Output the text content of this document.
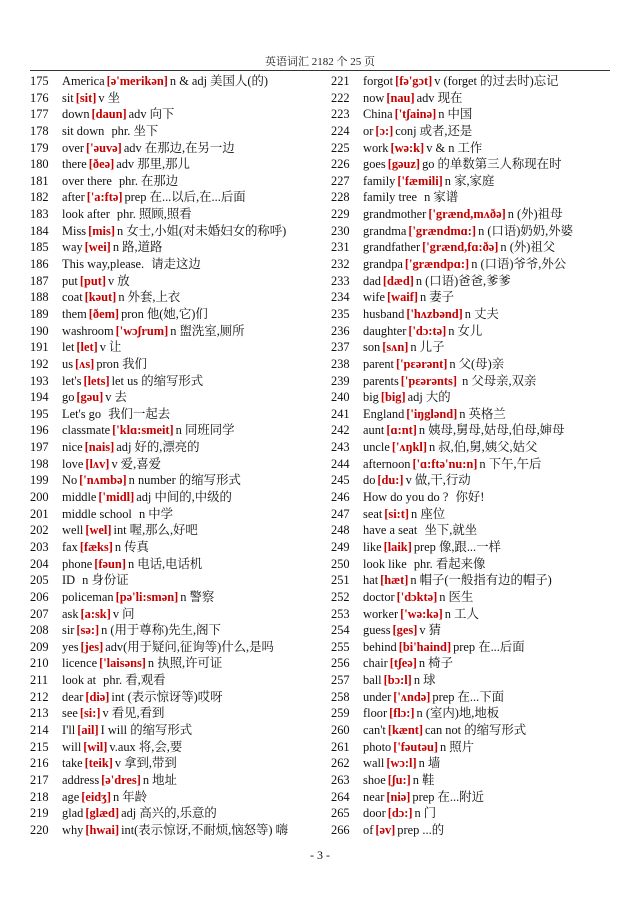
英语词汇 2182 个 25 页
175 America [ə'merikən] n & adj 美国人(的)
176 sit [sit] v 坐
177 down [daun] adv 向下
178 sit down phr. 坐下
179 over ['əuvə] adv 在那边,在另一边
180 there [ðeə] adv 那里,那儿
181 over there phr. 在那边
182 after ['a:ftə] prep 在...以后,在...后面
183 look after phr. 照顾,照看
184 Miss [mis] n 女士,小姐(对未婚妇女的称呼)
185 way [wei] n 路,道路
186 This way,please. 请走这边
187 put [put] v 放
188 coat [kəut] n 外套,上衣
189 them [ðem] pron 他(她,它)们
190 washroom ['wɔʃrum] n 盥洗室,厕所
191 let [let] v 让
192 us [ʌs] pron 我们
193 let's [lets] let us 的缩写形式
194 go [gəu] v 去
195 Let's go 我们一起去
196 classmate ['klɑ:smeit] n 同班同学
197 nice [nais] adj 好的,漂亮的
198 love [lʌv] v 爱,喜爱
199 No ['nʌmbə] n number 的缩写形式
200 middle ['midl] adj 中间的,中级的
201 middle school n 中学
202 well [wel] int 喔,那么,好吧
203 fax [fæks] n 传真
204 phone [fəun] n 电话,电话机
205 ID n 身份证
206 policeman [pə'li:smən] n 警察
207 ask [a:sk] v 问
208 sir [sə:] n (用于尊称)先生,阁下
209 yes [jes] adv(用于疑问,征询等)什么,是吗
210 licence ['laisəns] n 执照,许可证
211 look at phr. 看,观看
212 dear [diə] int (表示惊讶等)哎呀
213 see [si:] v 看见,看到
214 I'll [ail] I will 的缩写形式
215 will [wil] v.aux 将,会,要
216 take [teik] v 拿到,带到
217 address [ə'dres] n 地址
218 age [eidʒ] n 年龄
219 glad [glæd] adj 高兴的,乐意的
220 why [hwai] int(表示惊讶,不耐烦,恼怒等) 嗨
221 forgot [fə'gɔt] v (forget 的过去时)忘记
222 now [nau] adv 现在
223 China ['tʃainə] n 中国
224 or [ɔ:] conj 或者,还是
225 work [wə:k] v & n 工作
226 goes [gəuz] go 的单数第三人称现在时
227 family ['fæmili] n 家,家庭
228 family tree n 家谱
229 grandmother ['grænd,mʌðə] n (外)祖母
230 grandma ['grændmɑ:] n (口语)奶奶,外婆
231 grandfather ['grænd,fɑ:ðə] n (外)祖父
232 grandpa ['grændpɑ:] n (口语)爷爷,外公
233 dad [dæd] n (口语)爸爸,爹爹
234 wife [waif] n 妻子
235 husband ['hʌzbənd] n 丈夫
236 daughter ['dɔ:tə] n 女儿
237 son [sʌn] n 儿子
238 parent ['pɛərənt] n 父(母)亲
239 parents ['pɛərənts] n 父母亲,双亲
240 big [big] adj 大的
241 England ['iŋglənd] n 英格兰
242 aunt [ɑ:nt] n 姨母,舅母,姑母,伯母,婶母
243 uncle ['ʌŋkl] n 叔,伯,舅,姨父,姑父
244 afternoon ['ɑ:ftə'nu:n] n 下午,午后
245 do [du:] v 做,干,行动
246 How do you do ? 你好!
247 seat [si:t] n 座位
248 have a seat 坐下,就坐
249 like [laik] prep 像,跟...一样
250 look like phr. 看起来像
251 hat [hæt] n 帽子(一般指有边的帽子)
252 doctor ['dɔktə] n 医生
253 worker ['wə:kə] n 工人
254 guess [ges] v 猜
255 behind [bi'haind] prep 在...后面
256 chair [tʃeə] n 椅子
257 ball [bɔ:l] n 球
258 under ['ʌndə] prep 在...下面
259 floor [flɔ:] n (室内)地,地板
260 can't [kænt] can not 的缩写形式
261 photo ['fəutəu] n 照片
262 wall [wɔ:l] n 墙
263 shoe [ʃu:] n 鞋
264 near [niə] prep 在...附近
265 door [dɔ:] n 门
266 of [əv] prep ...的
- 3 -
